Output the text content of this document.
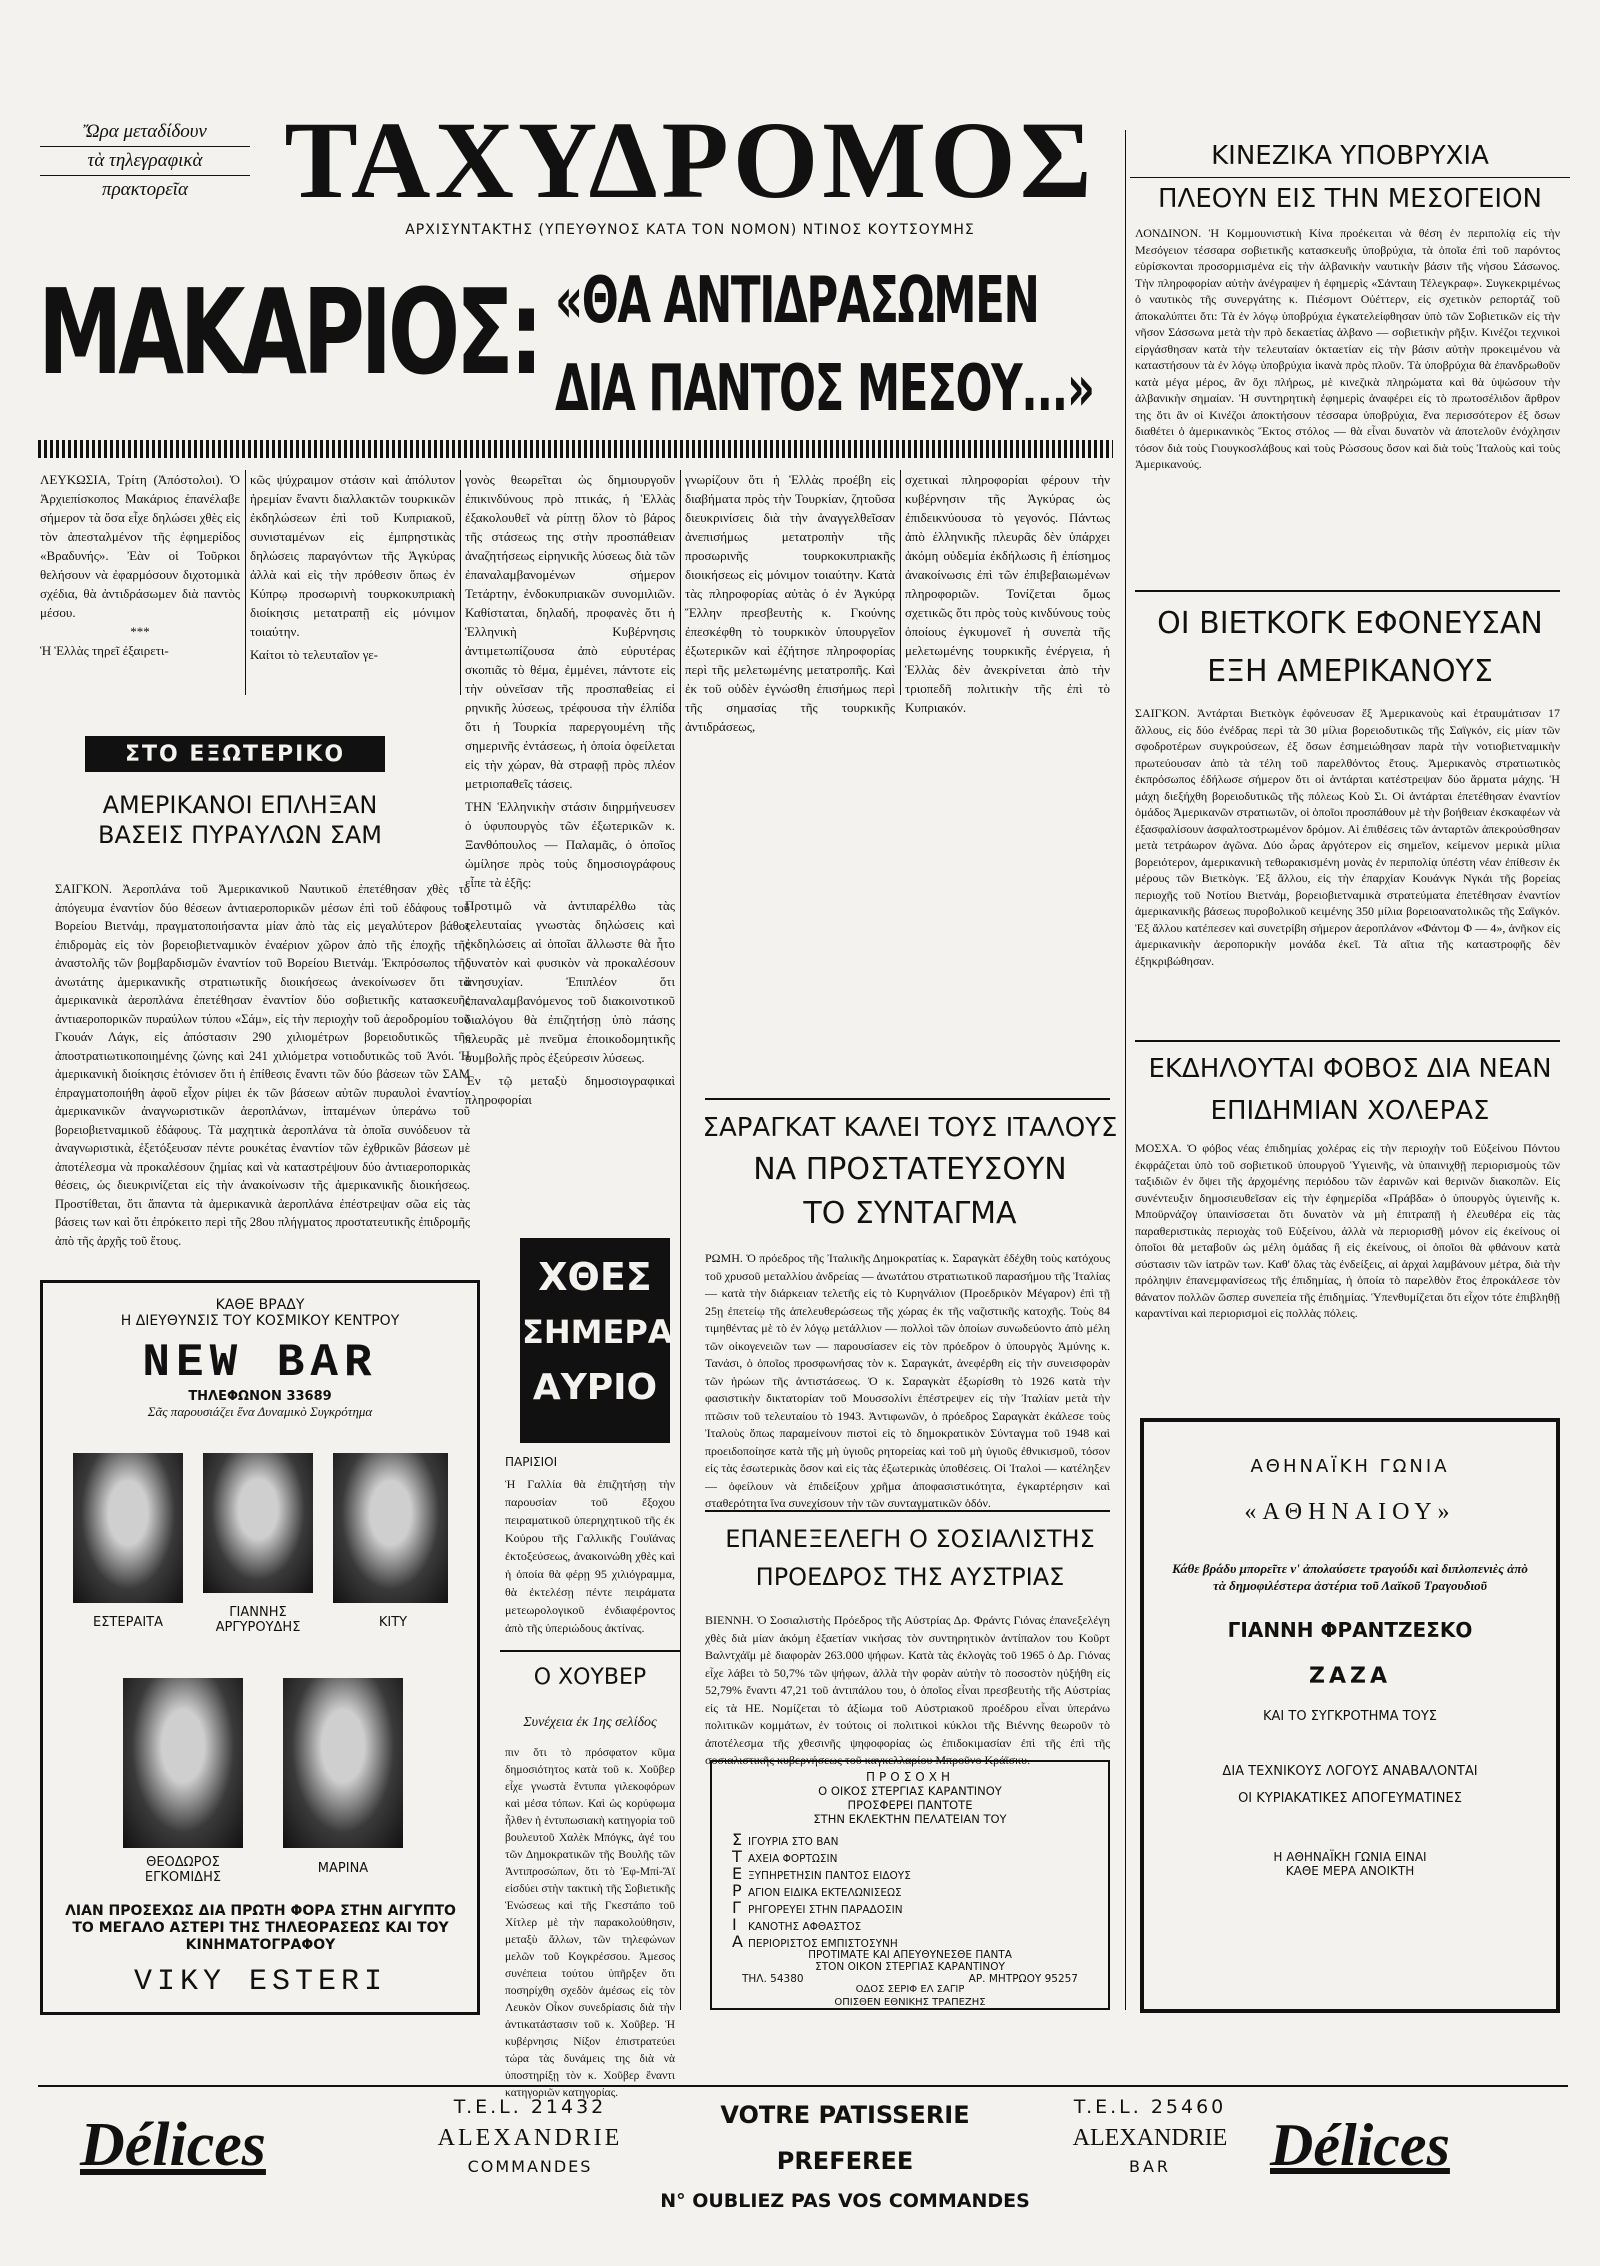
Ὤρα μεταδίδουν
τὰ τηλεγραφικὰ
πρακτορεῖα ΤΑΧΥΔΡΟΜΟΣ
ΑΡΧΙΣΥΝΤΑΚΤΗΣ (ΥΠΕΥΘΥΝΟΣ ΚΑΤΑ ΤΟΝ ΝΟΜΟΝ) ΝΤΙΝΟΣ ΚΟΥΤΣΟΥΜΗΣ
ΜΑΚΑΡΙΟΣ: «ΘΑ ΑΝΤΙΔΡΑΣΩΜΕΝ
ΔΙΑ ΠΑΝΤΟΣ ΜΕΣΟΥ...»
ΛΕΥΚΩΣΙΑ, Τρίτη (Ἀπόστολοι). Ὁ Ἀρχιεπίσκοπος Μακάριος ἐπανέλαβε σήμερον τὰ ὅσα εἶχε δηλώσει χθὲς εἰς τὸν ἀπεσταλμένον τῆς ἐφημερίδος «Βραδυνής». Ἐὰν οἱ Τοῦρκοι θελήσουν νὰ ἐφαρμόσουν διχοτομικὰ σχέδια, θὰ ἀντιδράσωμεν διὰ παντὸς μέσου.
***
Ἡ Ἑλλὰς τηρεῖ ἐξαιρετι-
κῶς ψύχραιμον στάσιν καὶ ἀπόλυτον ἠρεμίαν ἔναντι διαλλακτῶν τουρκικῶν ἐκδηλώσεων ἐπὶ τοῦ Κυπριακοῦ, συνισταμένων εἰς ἐμπρηστικὰς δηλώσεις παραγόντων τῆς Ἀγκύρας ἀλλὰ καὶ εἰς τὴν πρόθεσιν ὅπως ἐν Κύπρῳ προσωρινὴ τουρκοκυπριακὴ διοίκησις μετατραπῇ εἰς μόνιμον τοιαύτην.
Καίτοι τὸ τελευταῖον γε-
γονὸς θεωρεῖται ὡς δημιουργοῦν ἐπικινδύνους πρὸ πτικάς, ἡ Ἑλλὰς ἐξακολουθεῖ νὰ ρίπτῃ ὅλον τὸ βάρος τῆς στάσεως της στὴν προσπάθειαν ἀναζητήσεως εἰρηνικῆς λύσεως διὰ τῶν ἐπαναλαμβανομένων σήμερον Τετάρτην, ἐνδοκυπριακῶν συνομιλιῶν. Καθίσταται, δηλαδή, προφανὲς ὅτι ἡ Ἑλληνικὴ Κυβέρνησις ἀντιμετωπίζουσα ἀπὸ εὐρυτέρας σκοπιᾶς τὸ θέμα, ἐμμένει, πάντοτε εἰς τὴν οὐνεῖσαν τῆς προσπαθείας εἰ ρηνικῆς λύσεως, τρέφουσα τὴν ἐλπίδα ὅτι ἡ Τουρκία παρεργουμένη τῆς σημερινῆς ἐντάσεως, ἡ ὁποία ὀφείλεται εἰς τὴν χώραν, θὰ στραφῇ πρὸς πλέον μετριοπαθεῖς τάσεις.
ΤΗΝ Ἑλληνικὴν στάσιν διηρμήνευσεν ὁ ὑφυπουργὸς τῶν ἐξωτερικῶν κ. Ξανθόπουλος — Παλαμᾶς, ὁ ὁποῖος ὡμίλησε πρὸς τοὺς δημοσιογράφους εἶπε τὰ ἑξῆς:
Προτιμῶ νὰ ἀντιπαρέλθω τὰς τελευταίας γνωστὰς δηλώσεις καὶ ἐκδηλώσεις αἱ ὁποῖαι ἄλλωστε θὰ ἦτο δυνατὸν καὶ φυσικὸν νὰ προκαλέσουν ἀνησυχίαν. Ἐπιπλέον ὅτι ἐπαναλαμβανόμενος τοῦ διακοινοτικοῦ διαλόγου θὰ ἐπιζητήσῃ ὑπὸ πάσης πλευρᾶς μὲ πνεῦμα ἐποικοδομητικῆς συμβολῆς πρὸς ἐξεύρεσιν λύσεως.
Ἐν τῷ μεταξὺ δημοσιογραφικαὶ πληροφορίαι
γνωρίζουν ὅτι ἡ Ἑλλὰς προέβη εἰς διαβήματα πρὸς τὴν Τουρκίαν, ζητοῦσα διευκρινίσεις διὰ τὴν ἀναγγελθεῖσαν ἀνεπισήμως μετατροπὴν τῆς προσωρινῆς τουρκοκυπριακῆς διοικήσεως εἰς μόνιμον τοιαύτην. Κατὰ τὰς πληροφορίας αὐτὰς ὁ ἐν Ἀγκύρᾳ Ἕλλην πρεσβευτὴς κ. Γκούνης ἐπεσκέφθη τὸ τουρκικὸν ὑπουργεῖον ἐξωτερικῶν καὶ ἐζήτησε πληροφορίας περὶ τῆς μελετωμένης μετατροπῆς. Καὶ ἐκ τοῦ οὐδὲν ἐγνώσθη ἐπισήμως περὶ τῆς σημασίας τῆς τουρκικῆς ἀντιδράσεως,
σχετικαὶ πληροφορίαι φέρουν τὴν κυβέρνησιν τῆς Ἀγκύρας ὡς ἐπιδεικνύουσα τὸ γεγονός. Πάντως ἀπὸ ἑλληνικῆς πλευρᾶς δὲν ὑπάρχει ἀκόμη οὐδεμία ἐκδήλωσις ἢ ἐπίσημος ἀνακοίνωσις ἐπὶ τῶν ἐπιβεβαιωμένων πληροφοριῶν. Τονίζεται ὅμως σχετικῶς ὅτι πρὸς τοὺς κινδύνους τοὺς ὁποίους ἐγκυμονεῖ ἡ συνεπὰ τῆς μελετωμένης τουρκικῆς ἐνέργεια, ἡ Ἑλλὰς δὲν ἀνεκρίνεται ἀπὸ τὴν τριοπεδῆ πολιτικὴν τῆς ἐπὶ τὸ Κυπριακόν.
ΣΤΟ ΕΞΩΤΕΡΙΚΟ
ΑΜΕΡΙΚΑΝΟΙ ΕΠΛΗΞΑΝ ΒΑΣΕΙΣ ΠΥΡΑΥΛΩΝ ΣΑΜ
ΣΑΙΓΚΟΝ. Ἀεροπλάνα τοῦ Ἀμερικανικοῦ Ναυτικοῦ ἐπετέθησαν χθὲς τὸ ἀπόγευμα ἐναντίον δύο θέσεων ἀντιαεροπορικῶν μέσων ἐπὶ τοῦ ἐδάφους τοῦ Βορείου Βιετνάμ, πραγματοποιήσαντα μίαν ἀπὸ τὰς εἰς μεγαλύτερον βάθος ἐπιδρομὰς εἰς τὸν βορειοβιετναμικὸν ἐναέριον χῶρον ἀπὸ τῆς ἐποχῆς τῆς ἀναστολῆς τῶν βομβαρδισμῶν ἐναντίον τοῦ Βορείου Βιετνάμ. Ἐκπρόσωπος τῆς ἀνωτάτης ἀμερικανικῆς στρατιωτικῆς διοικήσεως ἀνεκοίνωσεν ὅτι τὰ ἀμερικανικὰ ἀεροπλάνα ἐπετέθησαν ἐναντίον δύο σοβιετικῆς κατασκευῆς ἀντιαεροπορικῶν πυραύλων τύπου «Σάμ», εἰς τὴν περιοχὴν τοῦ ἀεροδρομίου τοῦ Γκουάν Λάγκ, εἰς ἀπόστασιν 290 χιλιομέτρων βορειοδυτικῶς τῆς ἀποστρατιωτικοποιημένης ζώνης καὶ 241 χιλιόμετρα νοτιοδυτικῶς τοῦ Ἀνόι. Ἡ ἀμερικανικὴ διοίκησις ἐτόνισεν ὅτι ἡ ἐπίθεσις ἔναντι τῶν δύο βάσεων τῶν ΣΑΜ ἐπραγματοποιήθη ἀφοῦ εἶχον ρίψει ἐκ τῶν βάσεων αὐτῶν πυραυλοὶ ἐναντίον ἀμερικανικῶν ἀναγνωριστικῶν ἀεροπλάνων, ἱπταμένων ὑπεράνω τοῦ βορειοβιετναμικοῦ ἐδάφους. Τὰ μαχητικὰ ἀεροπλάνα τὰ ὁποῖα συνόδευον τὰ ἀναγνωριστικὰ, ἐξετόξευσαν πέντε ρουκέτας ἐναντίον τῶν ἐχθρικῶν βάσεων μὲ ἀποτέλεσμα νὰ προκαλέσουν ζημίας καὶ νὰ καταστρέψουν δύο ἀντιαεροπορικὰς θέσεις, ὡς διευκρινίζεται εἰς τὴν ἀνακοίνωσιν τῆς ἀμερικανικῆς διοικήσεως. Προστίθεται, ὅτι ἅπαντα τὰ ἀμερικανικὰ ἀεροπλάνα ἐπέστρεψαν σῶα εἰς τὰς βάσεις των καὶ ὅτι ἐπρόκειτο περὶ τῆς 28ου πλήγματος προστατευτικῆς ἐπιδρομῆς ἀπὸ τῆς ἀρχῆς τοῦ ἔτους.
ΚΑΘΕ ΒΡΑΔΥ
Η ΔΙΕΥΘΥΝΣΙΣ ΤΟΥ ΚΟΣΜΙΚΟΥ ΚΕΝΤΡΟΥ
NEW BAR
ΤΗΛΕΦΩΝΟΝ 33689
Σᾶς παρουσιάζει ἕνα Δυναμικὸ Συγκρότημα
ΕΣΤΕΡΑΙΤΑ
ΓΙΑΝΝΗΣ ΑΡΓΥΡΟΥΔΗΣ	ΚΙΤΥ
ΘΕΟΔΩΡΟΣ ΕΓΚΟΜΙΔΗΣ
ΜΑΡΙΝΑ
ΛΙΑΝ ΠΡΟΣΕΧΩΣ ΔΙΑ ΠΡΩΤΗ ΦΟΡΑ ΣΤΗΝ ΑΙΓΥΠΤΟ ΤΟ ΜΕΓΑΛΟ ΑΣΤΕΡΙ ΤΗΣ ΤΗΛΕΟΡΑΣΕΩΣ ΚΑΙ ΤΟΥ ΚΙΝΗΜΑΤΟΓΡΑΦΟΥ
VIKY ESTERI
ΧΘΕΣ
ΣΗΜΕΡΑ
ΑΥΡΙΟ
ΠΑΡΙΣΙΟΙ
Ἡ Γαλλία θὰ ἐπιζητήσῃ τὴν παρουσίαν τοῦ ἔξοχου πειραματικοῦ ὑπερηχητικοῦ τῆς ἐκ Κούρου τῆς Γαλλικῆς Γουϊάνας ἐκτοξεύσεως, ἀνακοινώθη χθὲς καὶ ἡ ὁποία θὰ φέρῃ 95 χιλιόγραμμα, θὰ ἐκτελέσῃ πέντε πειράματα μετεωρολογικοῦ ἐνδιαφέροντος ἀπὸ τῆς ὑπεριώδους ἀκτίνας.
Ο ΧΟΥΒΕΡ
Συνέχεια ἐκ 1ης σελίδος
πιν ὅτι τὸ πρόσφατον κῦμα δημοσιότητος κατὰ τοῦ κ. Χοῦβερ εἶχε γνωστὰ ἔντυπα γιλεκοφόρων καὶ μέσα τόπων. Καὶ ὡς κορύφωμα ἦλθεν ἡ ἐντυπωσιακὴ κατηγορία τοῦ βουλευτοῦ Χαλὲκ Μπόγκς, ἀγέ του τῶν Δημοκρατικῶν τῆς Βουλῆς τῶν Ἀντιπροσώπων, ὅτι τὸ Ἐφ-Μπί-Ἄϊ εἰσδύει στὴν τακτικὴ τῆς Σοβιετικῆς Ἑνώσεως καὶ τῆς Γκεστάπο τοῦ Χίτλερ μὲ τὴν παρακολούθησιν, μεταξὺ ἄλλων, τῶν τηλεφώνων μελῶν τοῦ Κογκρέσσου. Ἀμεσος συνέπεια τούτου ὑπῆρξεν ὅτι ποσηρίχθη σχεδὸν ἀμέσως εἰς τὸν Λευκὸν Οἶκον συνεδρίασις διὰ τὴν ἀντικατάστασιν τοῦ κ. Χοῦβερ. Ἡ κυβέρνησις Νίξον ἐπιστρατεύει τώρα τὰς δυνάμεις της διὰ νὰ ὑποστηρίξῃ τὸν κ. Χοῦβερ ἔναντι κατηγοριῶν κατηγορίας.
ΣΑΡΑΓΚΑΤ ΚΑΛΕΙ ΤΟΥΣ ΙΤΑΛΟΥΣ
ΝΑ ΠΡΟΣΤΑΤΕΥΣΟΥΝ
ΤΟ ΣΥΝΤΑΓΜΑ
ΡΩΜΗ. Ὁ πρόεδρος τῆς Ἰταλικῆς Δημοκρατίας κ. Σαραγκὰτ ἐδέχθη τοὺς κατόχους τοῦ χρυσοῦ μεταλλίου ἀνδρείας — ἀνωτάτου στρατιωτικοῦ παρασήμου τῆς Ἰταλίας — κατὰ τὴν διάρκειαν τελετῆς εἰς τὸ Κυρηνάλιον (Προεδρικὸν Μέγαρον) ἐπὶ τῇ 25ῃ ἐπετείῳ τῆς ἀπελευθερώσεως τῆς χώρας ἐκ τῆς ναζιστικῆς κατοχῆς. Τοὺς 84 τιμηθέντας μὲ τὸ ἐν λόγῳ μετάλλιον — πολλοὶ τῶν ὁποίων συνωδεύοντο ἀπὸ μέλη τῶν οἰκογενειῶν των — παρουσίασεν εἰς τὸν πρόεδρον ὁ ὑπουργὸς Ἀμύνης κ. Τανάσι, ὁ ὁποῖος προσφωνήσας τὸν κ. Σαραγκάτ, ἀνεφέρθη εἰς τὴν συνεισφορὰν τῶν ἡρώων τῆς ἀντιστάσεως. Ὁ κ. Σαραγκὰτ ἐξωρίσθη τὸ 1926 κατὰ τὴν φασιστικὴν δικτατορίαν τοῦ Μουσσολίνι ἐπέστρεψεν εἰς τὴν Ἰταλίαν μετὰ τὴν πτῶσιν τοῦ τελευταίου τὸ 1943. Ἀντιφωνῶν, ὁ πρόεδρος Σαραγκὰτ ἐκάλεσε τοὺς Ἰταλοὺς ὅπως παραμείνουν πιστοὶ εἰς τὸ δημοκρατικὸν Σύνταγμα τοῦ 1948 καὶ προειδοποίησε κατὰ τῆς μὴ ὑγιοῦς ρητορείας καὶ τοῦ μὴ ὑγιοῦς ἐθνικισμοῦ, τόσον εἰς τὰς ἐσωτερικὰς ὅσον καὶ εἰς τὰς ἐξωτερικὰς ὑποθέσεις. Οἱ Ἰταλοὶ — κατέληξεν — ὀφείλουν νὰ ἐπιδείξουν χρῆμα ἀποφασιστικότητα, ἐγκαρτέρησιν καὶ σταθερότητα ἵνα συνεχίσουν τὴν τῶν συνταγματικῶν ὁδόν.
ΕΠΑΝΕΞΕΛΕΓΗ Ο ΣΟΣΙΑΛΙΣΤΗΣ
ΠΡΟΕΔΡΟΣ ΤΗΣ ΑΥΣΤΡΙΑΣ
ΒΙΕΝΝΗ. Ὁ Σοσιαλιστὴς Πρόεδρος τῆς Αὐστρίας Δρ. Φράντς Γιόνας ἐπανεξελέγη χθὲς διὰ μίαν ἀκόμη ἑξαετίαν νικήσας τὸν συντηρητικὸν ἀντίπαλον του Κοῦρτ Βαλντχάϊμ μὲ διαφορὰν 263.000 ψήφων. Κατὰ τὰς ἐκλογὰς τοῦ 1965 ὁ Δρ. Γιόνας εἶχε λάβει τὸ 50,7% τῶν ψήφων, ἀλλὰ τὴν φορὰν αὐτὴν τὸ ποσοστὸν ηὐξήθη εἰς 52,79% ἔναντι 47,21 τοῦ ἀντιπάλου του, ὁ ὁποῖος εἶναι πρεσβευτὴς τῆς Αὐστρίας εἰς τὰ ΗΕ. Νομίζεται τὸ ἀξίωμα τοῦ Αὐστριακοῦ προέδρου εἶναι ὑπεράνω πολιτικῶν κομμάτων, ἐν τούτοις οἱ πολιτικοὶ κύκλοι τῆς Βιέννης θεωροῦν τὸ ἀποτέλεσμα τῆς χθεσινῆς ψηφοφορίας ὡς ἐπιδοκιμασίαν ἐπὶ τῆς ἐπὶ τῆς σοσιαλιστικῆς κυβερνήσεως τοῦ καγκελλαρίου Μπροῦνο Κράϊσκυ.
ΠΡΟΣΟΧΗ
Ο ΟΙΚΟΣ ΣΤΕΡΓΙΑΣ ΚΑΡΑΝΤΙΝΟΥ
ΠΡΟΣΦΕΡΕΙ ΠΑΝΤΟΤΕ
ΣΤΗΝ ΕΚΛΕΚΤΗΝ ΠΕΛΑΤΕΙΑΝ ΤΟΥ
ΣΙΓΟΥΡΙΑ ΣΤΟ ΒΑΝ
ΤΑΧΕΙΑ ΦΟΡΤΩΣΙΝ
ΕΞΥΠΗΡΕΤΗΣΙΝ ΠΑΝΤΟΣ ΕΙΔΟΥΣ
ΡΑΓΙΟΝ ΕΙΔΙΚΑ ΕΚΤΕΛΩΝΙΣΕΩΣ
ΓΡΗΓΟΡΕΥΕΙ ΣΤΗΝ ΠΑΡΑΔΟΣΙΝ
Ι ΚΑΝΟΤΗΣ ΑΦΘΑΣΤΟΣ
ΑΠΕΡΙΟΡΙΣΤΟΣ ΕΜΠΙΣΤΟΣΥΝΗ
ΠΡΟΤΙΜΑΤΕ ΚΑΙ ΑΠΕΥΘΥΝΕΣΘΕ ΠΑΝΤΑ
ΣΤΟΝ ΟΙΚΟΝ ΣΤΕΡΓΙΑΣ ΚΑΡΑΝΤΙΝΟΥ
ΤΗΛ. 54380	ΑΡ. ΜΗΤΡΩΟΥ 95257
ΟΔΟΣ ΣΕΡΙΦ ΕΛ ΣΑΓΙΡ
ΟΠΙΣΘΕΝ ΕΘΝΙΚΗΣ ΤΡΑΠΕΖΗΣ
ΚΙΝΕΖΙΚΑ ΥΠΟΒΡΥΧΙΑ
ΠΛΕΟΥΝ ΕΙΣ ΤΗΝ ΜΕΣΟΓΕΙΟΝ
ΛΟΝΔΙΝΟΝ. Ἡ Κομμουνιστικὴ Κίνα προέκειται νὰ θέση ἐν περιπολίᾳ εἰς τὴν Μεσόγειον τέσσαρα σοβιετικῆς κατασκευῆς ὑποβρύχια, τὰ ὁποῖα ἐπὶ τοῦ παρόντος εὑρίσκονται προσορμισμένα εἰς τὴν ἀλβανικὴν ναυτικὴν βάσιν τῆς νήσου Σάσωνος. Τὴν πληροφορίαν αὐτὴν ἀνέγραψεν ἡ ἐφημερὶς «Σάνταιη Τέλεγκραφ». Συγκεκριμένως ὁ ναυτικὸς τῆς συνεργάτης κ. Πιέσμοντ Οὐέττερν, εἰς σχετικὸν ρεπορτάζ τοῦ ἀποκαλύπτει ὅτι: Τὰ ἐν λόγῳ ὑποβρύχια ἐγκατελείφθησαν ὑπὸ τῶν Σοβιετικῶν εἰς τὴν νῆσον Σάσσωνα μετὰ τὴν πρὸ δεκαετίας ἀλβανο — σοβιετικὴν ρῆξιν. Κινέζοι τεχνικοὶ εἰργάσθησαν κατὰ τὴν τελευταίαν ὀκταετίαν εἰς τὴν βάσιν αὐτὴν προκειμένου νὰ καταστήσουν τὰ ἐν λόγῳ ὑποβρύχια ἱκανὰ πρὸς πλοῦν. Τὰ ὑποβρύχια θὰ ἐπανδρωθοῦν κατὰ μέγα μέρος, ἂν ὄχι πλήρως, μὲ κινεζικὰ πληρώματα καὶ θὰ ὑψώσουν τὴν ἀλβανικὴν σημαίαν. Ἡ συντηρητικὴ ἐφημερὶς ἀναφέρει εἰς τὸ πρωτοσέλιδον ἄρθρον της ὅτι ἂν οἱ Κινέζοι ἀποκτήσουν τέσσαρα ὑποβρύχια, ἕνα περισσότερον ἐξ ὅσων διαθέτει ὁ ἀμερικανικὸς Ἕκτος στόλος — θὰ εἶναι δυνατὸν νὰ ἀποτελοῦν ἐνόχλησιν τόσον διὰ τοὺς Γιουγκοσλάβους καὶ τοὺς Ρώσσους ὅσον καὶ διὰ τοὺς Ἰταλοὺς καὶ τοὺς Ἀμερικανούς.
ΟΙ ΒΙΕΤΚΟΓΚ ΕΦΟΝΕΥΣΑΝ
ΕΞΗ ΑΜΕΡΙΚΑΝΟΥΣ
ΣΑΙΓΚΟΝ. Ἀντάρται Βιετκὸγκ ἐφόνευσαν ἕξ Ἀμερικανοὺς καὶ ἐτραυμάτισαν 17 ἄλλους, εἰς δύο ἐνέδρας περὶ τὰ 30 μίλια βορειοδυτικῶς τῆς Σαϊγκόν, εἰς μίαν τῶν σφοδροτέρων συγκρούσεων, ἐξ ὅσων ἐσημειώθησαν παρὰ τὴν νοτιοβιετναμικὴν πρωτεύουσαν ἀπὸ τὰ τέλη τοῦ παρελθόντος ἔτους. Ἀμερικανὸς στρατιωτικὸς ἐκπρόσωπος ἐδήλωσε σήμερον ὅτι οἱ ἀντάρται κατέστρεψαν δύο ἅρματα μάχης. Ἡ μάχη διεξήχθη βορειοδυτικῶς τῆς πόλεως Κοὺ Σι. Οἱ ἀντάρται ἐπετέθησαν ἐναντίον ὁμάδος Ἀμερικανῶν στρατιωτῶν, οἱ ὁποῖοι προσπάθουν μὲ τὴν βοήθειαν ἐκσκαφέων νὰ ἐξασφαλίσουν ἀσφαλτοστρωμένον δρόμον. Αἱ ἐπιθέσεις τῶν ἀνταρτῶν ἀπεκρούσθησαν μετὰ τετράωρον ἀγῶνα. Δύο ὧρας ἀργότερον εἰς σημεῖον, κείμενον μερικὰ μίλια βορειότερον, ἀμερικανικὴ τεθωρακισμένη μονὰς ἐν περιπολίᾳ ὑπέστη νέαν ἐπίθεσιν ἐκ μέρους τῶν Βιετκὸγκ. Ἐξ ἄλλου, εἰς τὴν ἐπαρχίαν Κουάνγκ Νγκάι τῆς βορείας περιοχῆς τοῦ Νοτίου Βιετνάμ, βορειοβιετναμικὰ στρατεύματα ἐπετέθησαν ἐναντίον ἀμερικανικῆς βάσεως πυροβολικοῦ κειμένης 350 μίλια βορειοανατολικῶς τῆς Σαϊγκόν. Ἐξ ἄλλου κατέπεσεν καὶ συνετρίβη σήμερον ἀεροπλάνον «Φάντομ Φ — 4», ἀνῆκον εἰς ἀμερικανικὴν ἀεροπορικὴν μονάδα ἐκεῖ. Τὰ αἴτια τῆς καταστροφῆς δὲν ἐξηκριβώθησαν.
ΕΚΔΗΛΟΥΤΑΙ ΦΟΒΟΣ ΔΙΑ ΝΕΑΝ
ΕΠΙΔΗΜΙΑΝ ΧΟΛΕΡΑΣ
ΜΟΣΧΑ. Ὁ φόβος νέας ἐπιδημίας χολέρας εἰς τὴν περιοχὴν τοῦ Εὐξείνου Πόντου ἐκφράζεται ὑπὸ τοῦ σοβιετικοῦ ὑπουργοῦ Ὑγιεινῆς, νὰ ὑπαινιχθῇ περιορισμοὺς τῶν ταξιδιῶν ἐν ὄψει τῆς ἀρχομένης περιόδου τῶν ἐαρινῶν καὶ θερινῶν διακοπῶν. Εἰς συνέντευξιν δημοσιευθεῖσαν εἰς τὴν ἐφημερίδα «Πράβδα» ὁ ὑπουργὸς ὑγιεινῆς κ. Μποϋρνάζογ ὑπαινίσσεται ὅτι δυνατὸν νὰ μὴ ἐπιτραπῇ ἡ ἐλευθέρα εἰς τὰς παραθεριστικὰς περιοχὰς τοῦ Εὐξείνου, ἀλλὰ νὰ περιορισθῇ μόνον εἰς ἐκείνους οἱ ὁποῖοι θὰ μεταβοῦν ὡς μέλη ὁμάδας ἢ εἰς ἐκείνους, οἱ ὁποῖοι θὰ φθάνουν κατὰ σύστασιν τῶν ἰατρῶν των. Καθ' ὅλας τὰς ἐνδείξεις, αἱ ἀρχαὶ λαμβάνουν μέτρα, διὰ τὴν πρόληψιν ἐπανεμφανίσεως τῆς ἐπιδημίας, ἡ ὁποία τὸ παρελθὸν ἔτος ἐπροκάλεσε τὸν θάνατον πολλῶν ὥσπερ συνεπεία τῆς ἐπιδημίας. Ὑπενθυμίζεται ὅτι εἶχον τότε ἐπιβληθῇ καραντίναι καὶ περιορισμοὶ εἰς πολλὰς πόλεις.
ΑΘΗΝΑΪΚΗ ΓΩΝΙΑ
«ΑΘΗΝΑΙΟΥ»
Κάθε βράδυ μπορεῖτε ν' ἀπολαύσετε τραγούδι καὶ διπλοπενιὲς ἀπὸ τὰ δημοφιλέστερα ἀστέρια τοῦ Λαϊκοῦ Τραγουδιοῦ
ΓΙΑΝΝΗ ΦΡΑΝΤΖΕΣΚΟ
ΖΑΖΑ
ΚΑΙ ΤΟ ΣΥΓΚΡΟΤΗΜΑ ΤΟΥΣ
ΔΙΑ ΤΕΧΝΙΚΟΥΣ ΛΟΓΟΥΣ ΑΝΑΒΑΛΟΝΤΑΙ
ΟΙ ΚΥΡΙΑΚΑΤΙΚΕΣ ΑΠΟΓΕΥΜΑΤΙΝΕΣ
Η ΑΘΗΝΑΪΚΗ ΓΩΝΙΑ ΕΙΝΑΙ
ΚΑΘΕ ΜΕΡΑ ΑΝΟΙΚΤΗ
Délices
T.E.L. 21432
ALEXANDRIE
COMMANDES
VOTRE PATISSERIE PREFEREE
N° OUBLIEZ PAS VOS COMMANDES
T.E.L. 25460
ALEXANDRIE
BAR	Délices
